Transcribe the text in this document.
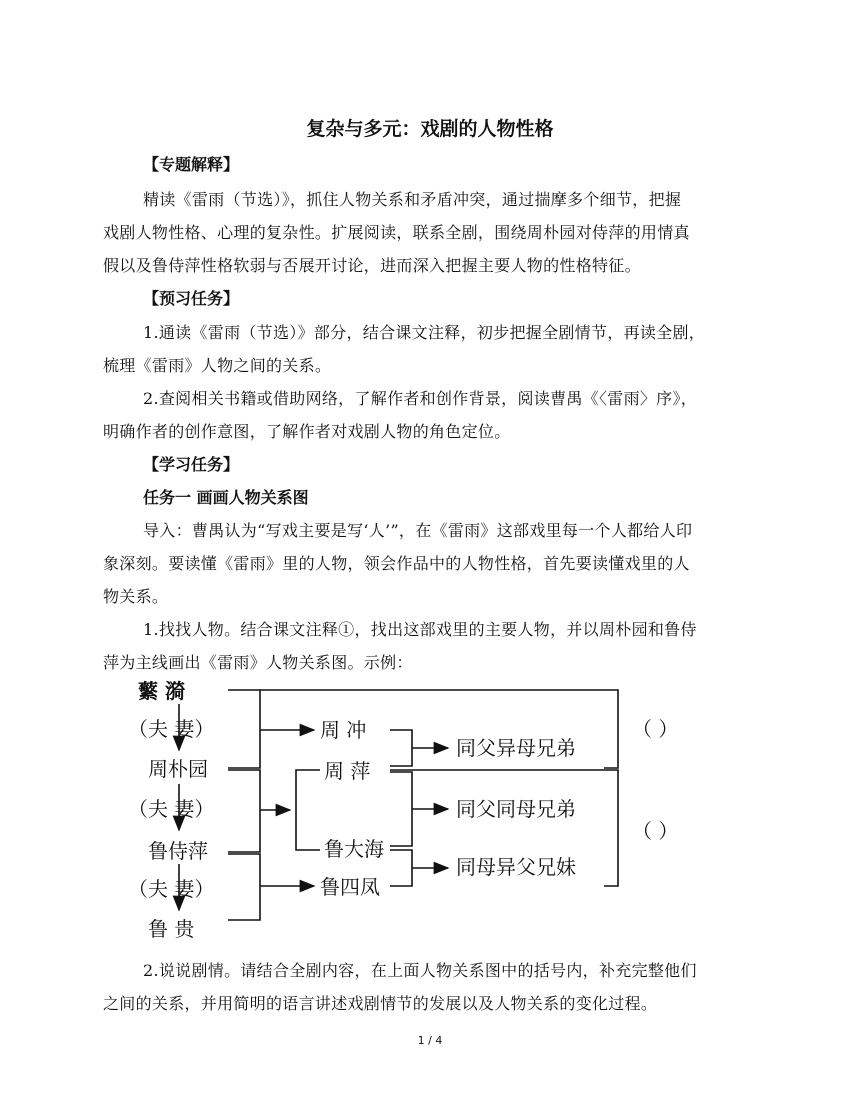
复杂与多元：戏剧的人物性格
【专题解释】
精读《雷雨（节选）》，抓住人物关系和矛盾冲突，通过揣摩多个细节，把握
戏剧人物性格、心理的复杂性。扩展阅读，联系全剧，围绕周朴园对侍萍的用情真
假以及鲁侍萍性格软弱与否展开讨论，进而深入把握主要人物的性格特征。
【预习任务】
1.通读《雷雨（节选）》部分，结合课文注释，初步把握全剧情节，再读全剧，
梳理《雷雨》人物之间的关系。
2.查阅相关书籍或借助网络，了解作者和创作背景，阅读曹禺《〈雷雨〉序》，
明确作者的创作意图，了解作者对戏剧人物的角色定位。
【学习任务】
任务一 画画人物关系图
导入：曹禺认为“写戏主要是写‘人’”，在《雷雨》这部戏里每一个人都给人印
象深刻。要读懂《雷雨》里的人物，领会作品中的人物性格，首先要读懂戏里的人
物关系。
1.找找人物。结合课文注释①，找出这部戏里的主要人物，并以周朴园和鲁侍
萍为主线画出《雷雨》人物关系图。示例：
蘩 漪
（夫 妻）
周朴园
（夫 妻）
鲁侍萍
（夫 妻）
鲁 贵
周 冲
周 萍
鲁大海
鲁四凤
同父异母兄弟
同父同母兄弟
同母异父兄妹
（ ）
（ ）
2.说说剧情。请结合全剧内容，在上面人物关系图中的括号内，补充完整他们
之间的关系，并用简明的语言讲述戏剧情节的发展以及人物关系的变化过程。
1 / 4
